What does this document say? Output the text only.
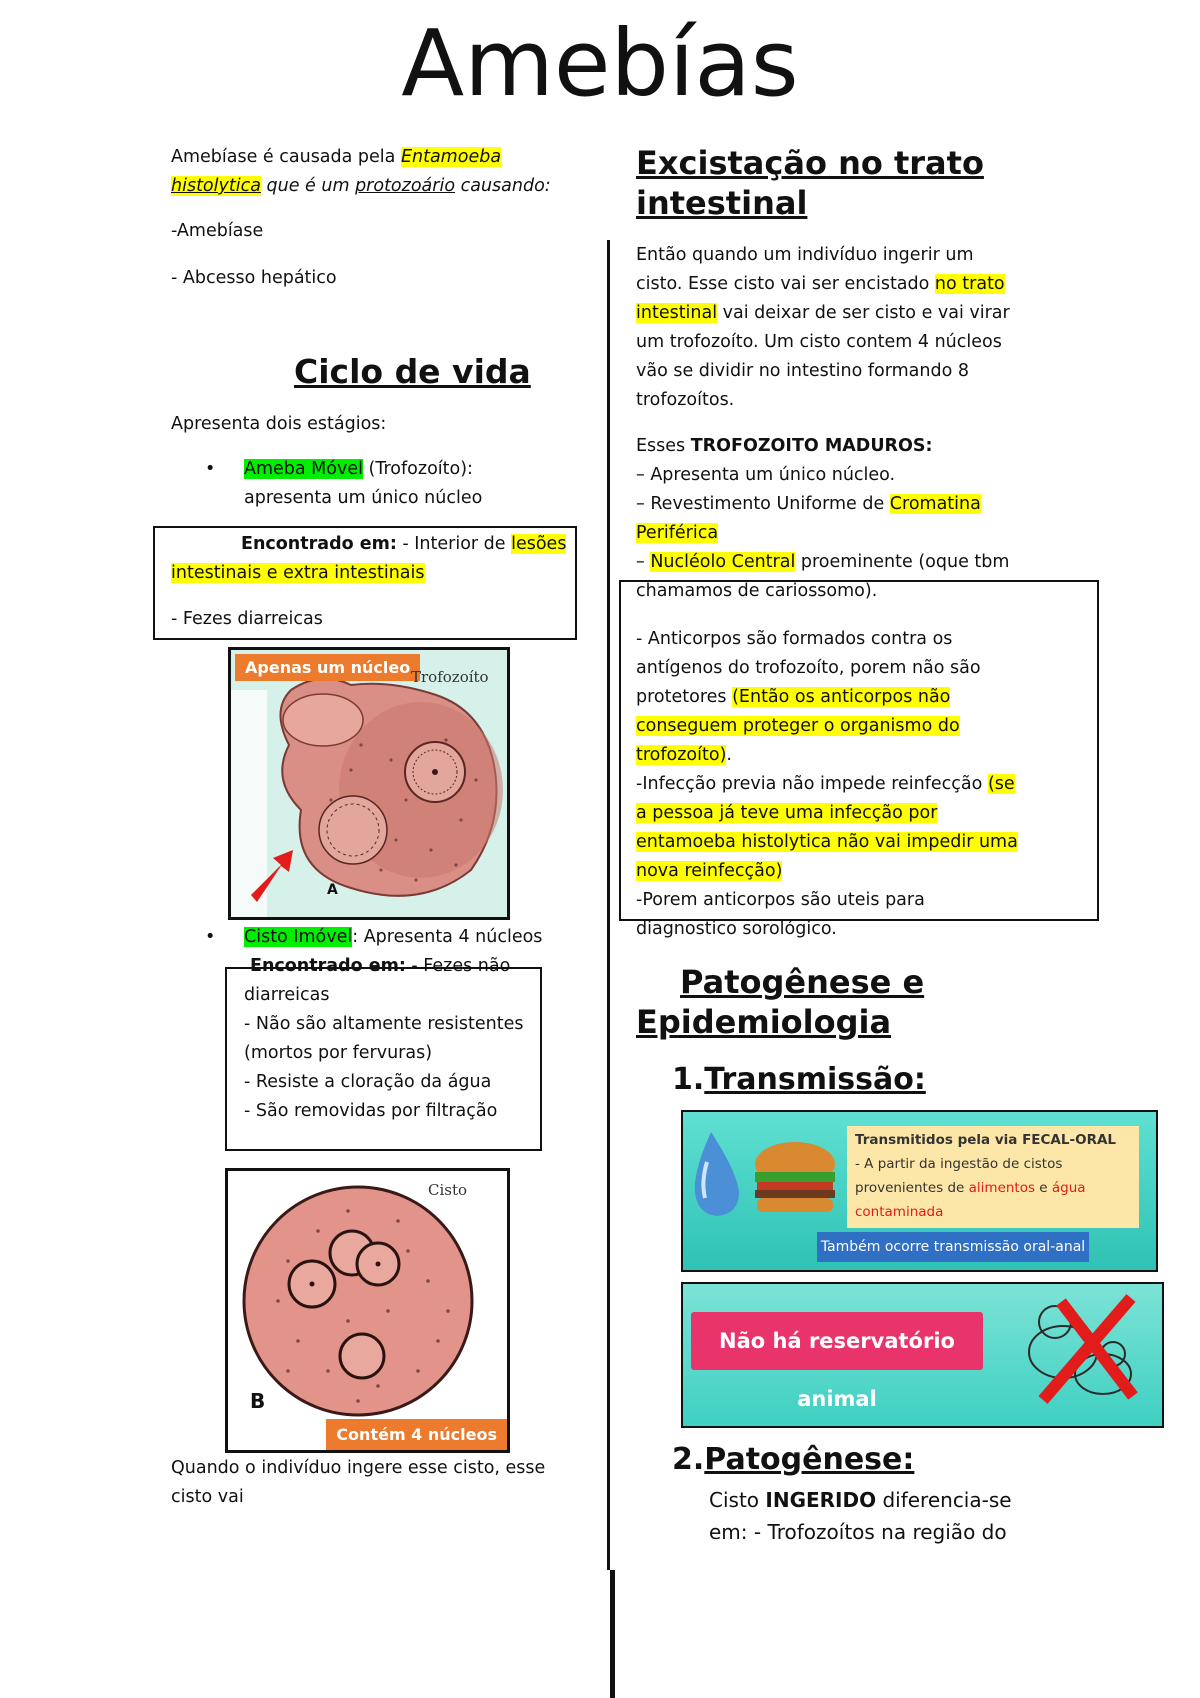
Amebías
Amebíase é causada pela Entamoeba
histolytica que é um protozoário causando:
-Amebíase
- Abcesso hepático
Ciclo de vida
Apresenta dois estágios:
• Ameba Móvel (Trofozoíto):
apresenta um único núcleo
Encontrado em: - Interior de lesões
intestinais e extra intestinais
- Fezes diarreicas
Apenas um núcleo Trofozoíto
A
• Cisto Imóvel: Apresenta 4 núcleos
Encontrado em: - Fezes não
diarreicas
- Não são altamente resistentes
(mortos por fervuras)
- Resiste a cloração da água
- São removidas por filtração
Cisto
B
Contém 4 núcleos
Quando o indivíduo ingere esse cisto, esse
cisto vai
Excistação no trato
intestinal
Então quando um indivíduo ingerir um
cisto. Esse cisto vai ser encistado no trato
intestinal vai deixar de ser cisto e vai virar
um trofozoíto. Um cisto contem 4 núcleos
vão se dividir no intestino formando 8
trofozoítos.
Esses TROFOZOITO MADUROS:
– Apresenta um único núcleo.
– Revestimento Uniforme de Cromatina
Periférica
– Nucléolo Central proeminente (oque tbm
chamamos de cariossomo).
- Anticorpos são formados contra os
antígenos do trofozoíto, porem não são
protetores (Então os anticorpos não
conseguem proteger o organismo do
trofozoíto).
-Infecção previa não impede reinfecção (se
a pessoa já teve uma infecção por
entamoeba histolytica não vai impedir uma
nova reinfecção)
-Porem anticorpos são uteis para
diagnostico sorológico.
Patogênese e
Epidemiologia
1.Transmissão:
Transmitidos pela via FECAL-ORAL
- A partir da ingestão de cistos
provenientes de alimentos e água
contaminada
Também ocorre transmissão oral-anal
Não há reservatório animal
2.Patogênese:
Cisto INGERIDO diferencia-se
em: - Trofozoítos na região do
